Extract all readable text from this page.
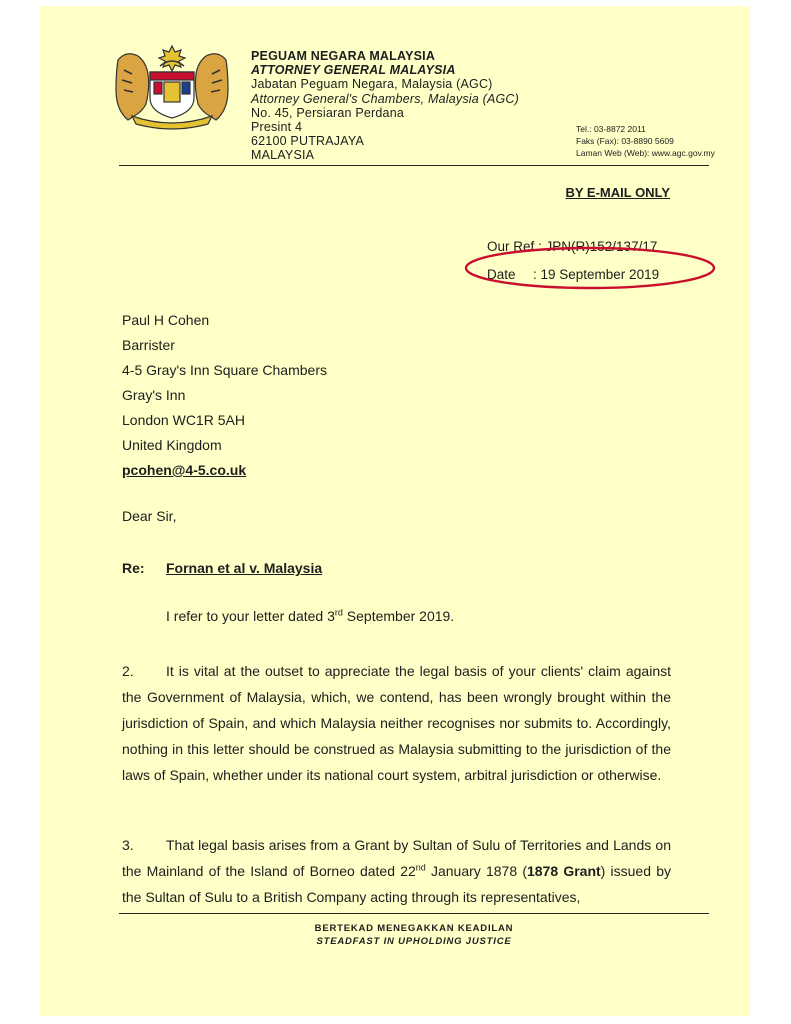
PEGUAM NEGARA MALAYSIA
ATTORNEY GENERAL MALAYSIA
Jabatan Peguam Negara, Malaysia (AGC)
Attorney General's Chambers, Malaysia (AGC)
No. 45, Persiaran Perdana
Presint 4
62100 PUTRAJAYA
MALAYSIA
Tel.: 03-8872 2011
Faks (Fax): 03-8890 5609
Laman Web (Web): www.agc.gov.my
BY E-MAIL ONLY
Our Ref.: JPN(R)152/137/17
Date : 19 September 2019
Paul H Cohen
Barrister
4-5 Gray's Inn Square Chambers
Gray's Inn
London WC1R 5AH
United Kingdom
pcohen@4-5.co.uk
Dear Sir,
Re: Fornan et al v. Malaysia
I refer to your letter dated 3rd September 2019.
2. It is vital at the outset to appreciate the legal basis of your clients' claim against the Government of Malaysia, which, we contend, has been wrongly brought within the jurisdiction of Spain, and which Malaysia neither recognises nor submits to. Accordingly, nothing in this letter should be construed as Malaysia submitting to the jurisdiction of the laws of Spain, whether under its national court system, arbitral jurisdiction or otherwise.
3. That legal basis arises from a Grant by Sultan of Sulu of Territories and Lands on the Mainland of the Island of Borneo dated 22nd January 1878 (1878 Grant) issued by the Sultan of Sulu to a British Company acting through its representatives,
BERTEKAD MENEGAKKAN KEADILAN
STEADFAST IN UPHOLDING JUSTICE
